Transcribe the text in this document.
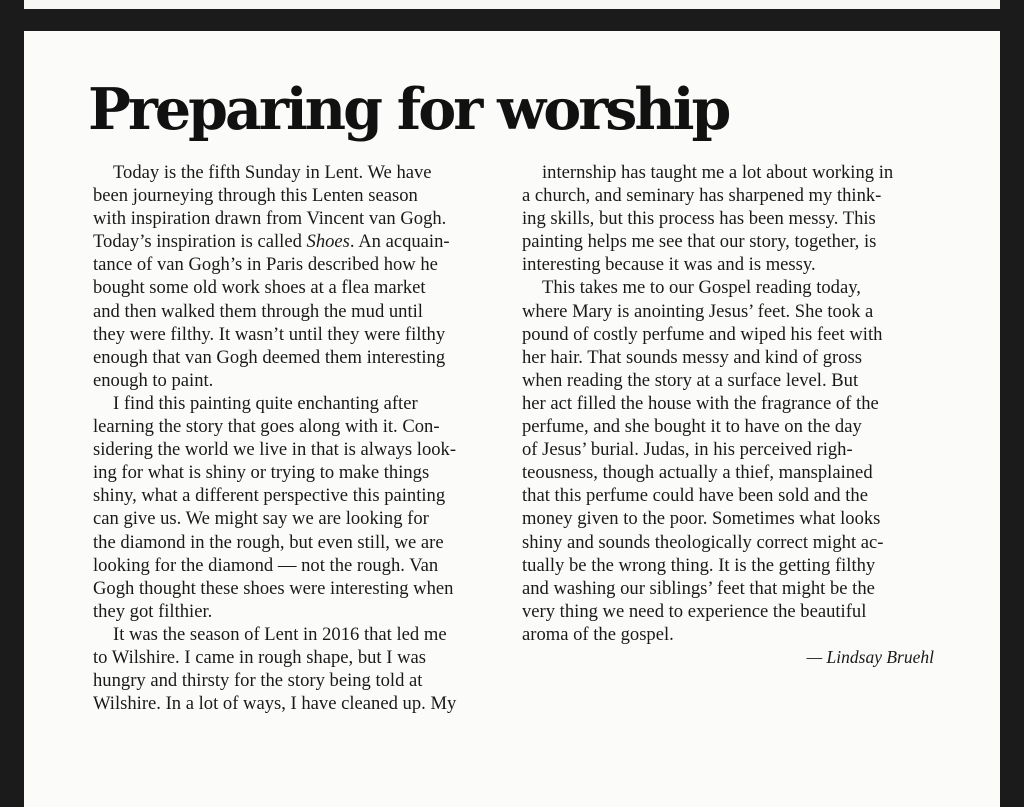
Preparing for worship

Today is the fifth Sunday in Lent. We have
been journeying through this Lenten season
with inspiration drawn from Vincent van Gogh.
Today’s inspiration is called Shoes. An acquain-
tance of van Gogh’s in Paris described how he
bought some old work shoes at a flea market
and then walked them through the mud until
they were filthy. It wasn’t until they were filthy
enough that van Gogh deemed them interesting
enough to paint.

I find this painting quite enchanting after
learning the story that goes along with it. Con-
sidering the world we live in that is always look-
ing for what is shiny or trying to make things
shiny, what a different perspective this painting
can give us. We might say we are looking for
the diamond in the rough, but even still, we are
looking for the diamond — not the rough. Van
Gogh thought these shoes were interesting when
they got filthier.

It was the season of Lent in 2016 that led me
to Wilshire. I came in rough shape, but I was
hungry and thirsty for the story being told at
Wilshire. In a lot of ways, I have cleaned up. My

internship has taught me a lot about working in
a church, and seminary has sharpened my think-
ing skills, but this process has been messy. This
painting helps me see that our story, together, is
interesting because it was and is messy.

This takes me to our Gospel reading today,
where Mary is anointing Jesus’ feet. She took a
pound of costly perfume and wiped his feet with
her hair. That sounds messy and kind of gross
when reading the story at a surface level. But
her act filled the house with the fragrance of the
perfume, and she bought it to have on the day
of Jesus’ burial. Judas, in his perceived righ-
teousness, though actually a thief, mansplained
that this perfume could have been sold and the
money given to the poor. Sometimes what looks
shiny and sounds theologically correct might ac-
tually be the wrong thing. It is the getting filthy
and washing our siblings’ feet that might be the
very thing we need to experience the beautiful
aroma of the gospel.

— Lindsay Bruehl
